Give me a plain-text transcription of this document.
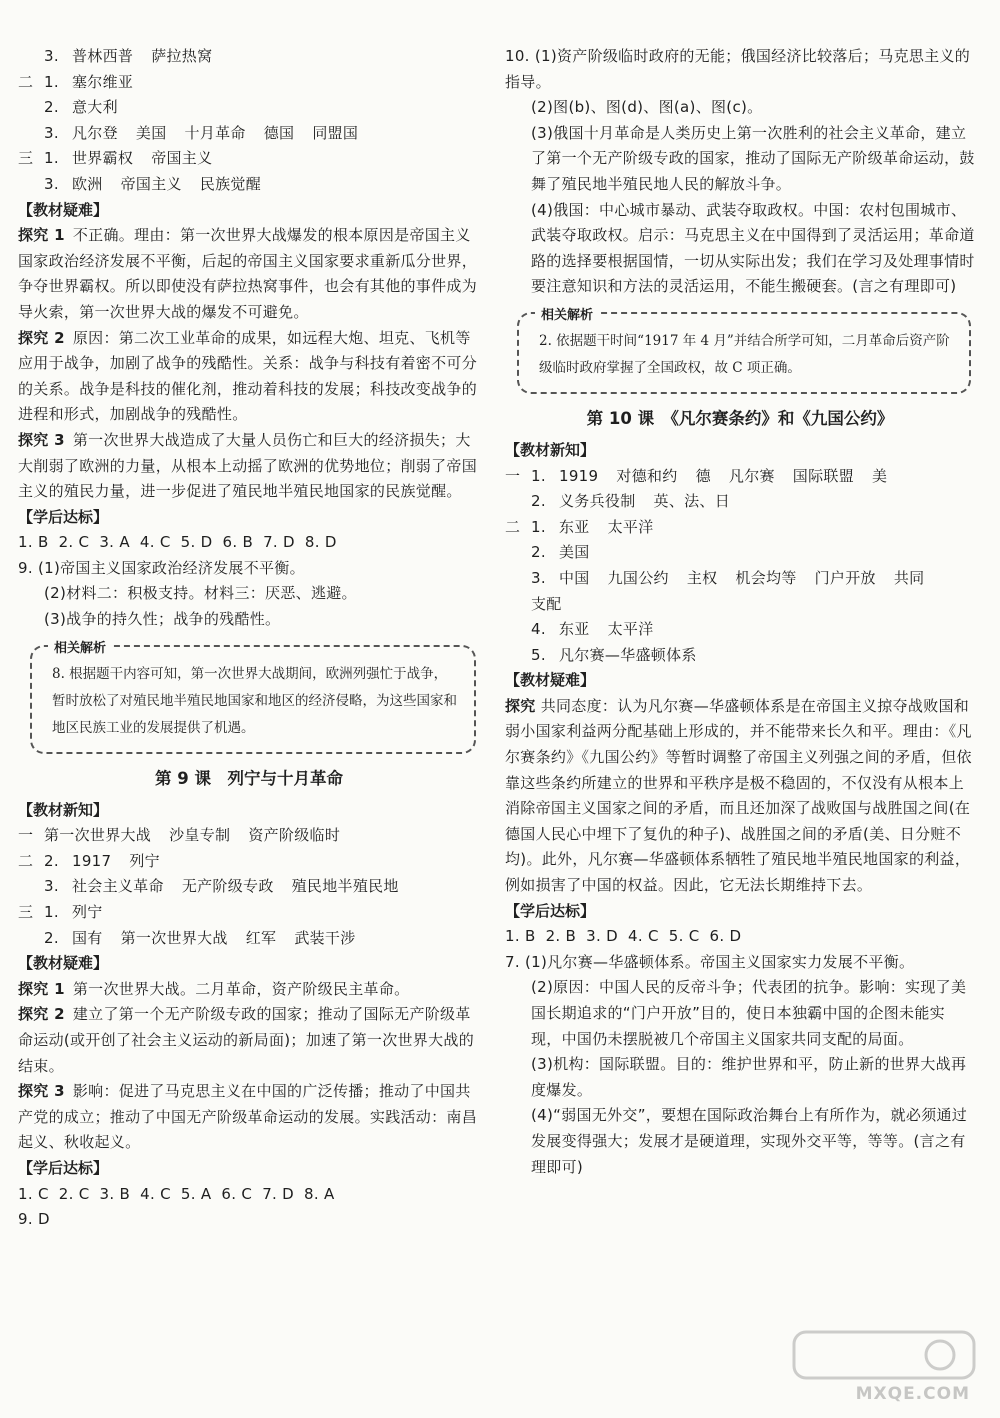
3. 普林西普 萨拉热窝
二 1. 塞尔维亚
2. 意大利
3. 凡尔登 美国 十月革命 德国 同盟国
三 1. 世界霸权 帝国主义
3. 欧洲 帝国主义 民族觉醒
【教材疑难】
探究 1 不正确。理由：第一次世界大战爆发的根本原因是帝国主义国家政治经济发展不平衡，后起的帝国主义国家要求重新瓜分世界，争夺世界霸权。所以即使没有萨拉热窝事件，也会有其他的事件成为导火索，第一次世界大战的爆发不可避免。
探究 2 原因：第二次工业革命的成果，如远程大炮、坦克、飞机等应用于战争，加剧了战争的残酷性。关系：战争与科技有着密不可分的关系。战争是科技的催化剂，推动着科技的发展；科技改变战争的进程和形式，加剧战争的残酷性。
探究 3 第一次世界大战造成了大量人员伤亡和巨大的经济损失；大大削弱了欧洲的力量，从根本上动摇了欧洲的优势地位；削弱了帝国主义的殖民力量，进一步促进了殖民地半殖民地国家的民族觉醒。
【学后达标】
1. B 2. C 3. A 4. C 5. D 6. B 7. D 8. D
9. (1)帝国主义国家政治经济发展不平衡。
(2)材料二：积极支持。材料三：厌恶、逃避。
(3)战争的持久性；战争的残酷性。
相关解析
8. 根据题干内容可知，第一次世界大战期间，欧洲列强忙于战争，暂时放松了对殖民地半殖民地国家和地区的经济侵略，为这些国家和地区民族工业的发展提供了机遇。
第 9 课　列宁与十月革命
【教材新知】
一 第一次世界大战 沙皇专制 资产阶级临时
二 2. 1917 列宁
3. 社会主义革命 无产阶级专政 殖民地半殖民地
三 1. 列宁
2. 国有 第一次世界大战 红军 武装干涉
【教材疑难】
探究 1 第一次世界大战。二月革命，资产阶级民主革命。
探究 2 建立了第一个无产阶级专政的国家；推动了国际无产阶级革命运动(或开创了社会主义运动的新局面)；加速了第一次世界大战的结束。
探究 3 影响：促进了马克思主义在中国的广泛传播；推动了中国共产党的成立；推动了中国无产阶级革命运动的发展。实践活动：南昌起义、秋收起义。
【学后达标】
1. C 2. C 3. B 4. C 5. A 6. C 7. D 8. A
9. D
10. (1)资产阶级临时政府的无能；俄国经济比较落后；马克思主义的指导。
(2)图(b)、图(d)、图(a)、图(c)。
(3)俄国十月革命是人类历史上第一次胜利的社会主义革命，建立了第一个无产阶级专政的国家，推动了国际无产阶级革命运动，鼓舞了殖民地半殖民地人民的解放斗争。
(4)俄国：中心城市暴动、武装夺取政权。中国：农村包围城市、武装夺取政权。启示：马克思主义在中国得到了灵活运用；革命道路的选择要根据国情，一切从实际出发；我们在学习及处理事情时要注意知识和方法的灵活运用，不能生搬硬套。(言之有理即可)
相关解析
2. 依据题干时间“1917 年 4 月”并结合所学可知，二月革命后资产阶级临时政府掌握了全国政权，故 C 项正确。
第 10 课　《凡尔赛条约》和《九国公约》
【教材新知】
一 1. 1919 对德和约 德 凡尔赛 国际联盟 美
2. 义务兵役制 英、法、日
二 1. 东亚 太平洋
2. 美国
3. 中国 九国公约 主权 机会均等 门户开放 共同
支配
4. 东亚 太平洋
5. 凡尔赛—华盛顿体系
【教材疑难】
探究 共同态度：认为凡尔赛—华盛顿体系是在帝国主义掠夺战败国和弱小国家利益两分配基础上形成的，并不能带来长久和平。理由：《凡尔赛条约》《九国公约》等暂时调整了帝国主义列强之间的矛盾，但依靠这些条约所建立的世界和平秩序是极不稳固的，不仅没有从根本上消除帝国主义国家之间的矛盾，而且还加深了战败国与战胜国之间(在德国人民心中埋下了复仇的种子)、战胜国之间的矛盾(美、日分赃不均)。此外，凡尔赛—华盛顿体系牺牲了殖民地半殖民地国家的利益，例如损害了中国的权益。因此，它无法长期维持下去。
【学后达标】
1. B 2. B 3. D 4. C 5. C 6. D
7. (1)凡尔赛—华盛顿体系。帝国主义国家实力发展不平衡。
(2)原因：中国人民的反帝斗争；代表团的抗争。影响：实现了美国长期追求的“门户开放”目的，使日本独霸中国的企图未能实现，中国仍未摆脱被几个帝国主义国家共同支配的局面。
(3)机构：国际联盟。目的：维护世界和平，防止新的世界大战再度爆发。
(4)“弱国无外交”，要想在国际政治舞台上有所作为，就必须通过发展变得强大；发展才是硬道理，实现外交平等，等等。(言之有理即可)
MXQE.COM
